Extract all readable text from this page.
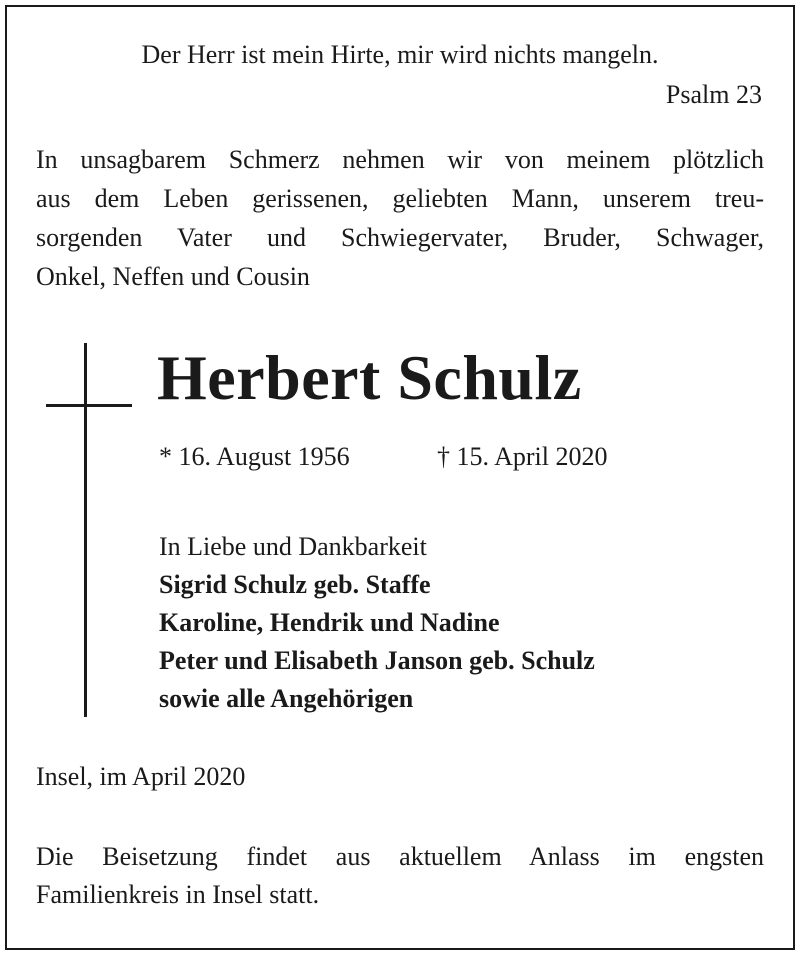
Der Herr ist mein Hirte, mir wird nichts mangeln.
Psalm 23
In unsagbarem Schmerz nehmen wir von meinem plötzlich
aus dem Leben gerissenen, geliebten Mann, unserem treu-
sorgenden Vater und Schwiegervater, Bruder, Schwager,
Onkel, Neffen und Cousin
Herbert Schulz
* 16. August 1956	† 15. April 2020
In Liebe und Dankbarkeit
Sigrid Schulz geb. Staffe
Karoline, Hendrik und Nadine
Peter und Elisabeth Janson geb. Schulz
sowie alle Angehörigen
Insel, im April 2020
Die Beisetzung findet aus aktuellem Anlass im engsten
Familienkreis in Insel statt.
